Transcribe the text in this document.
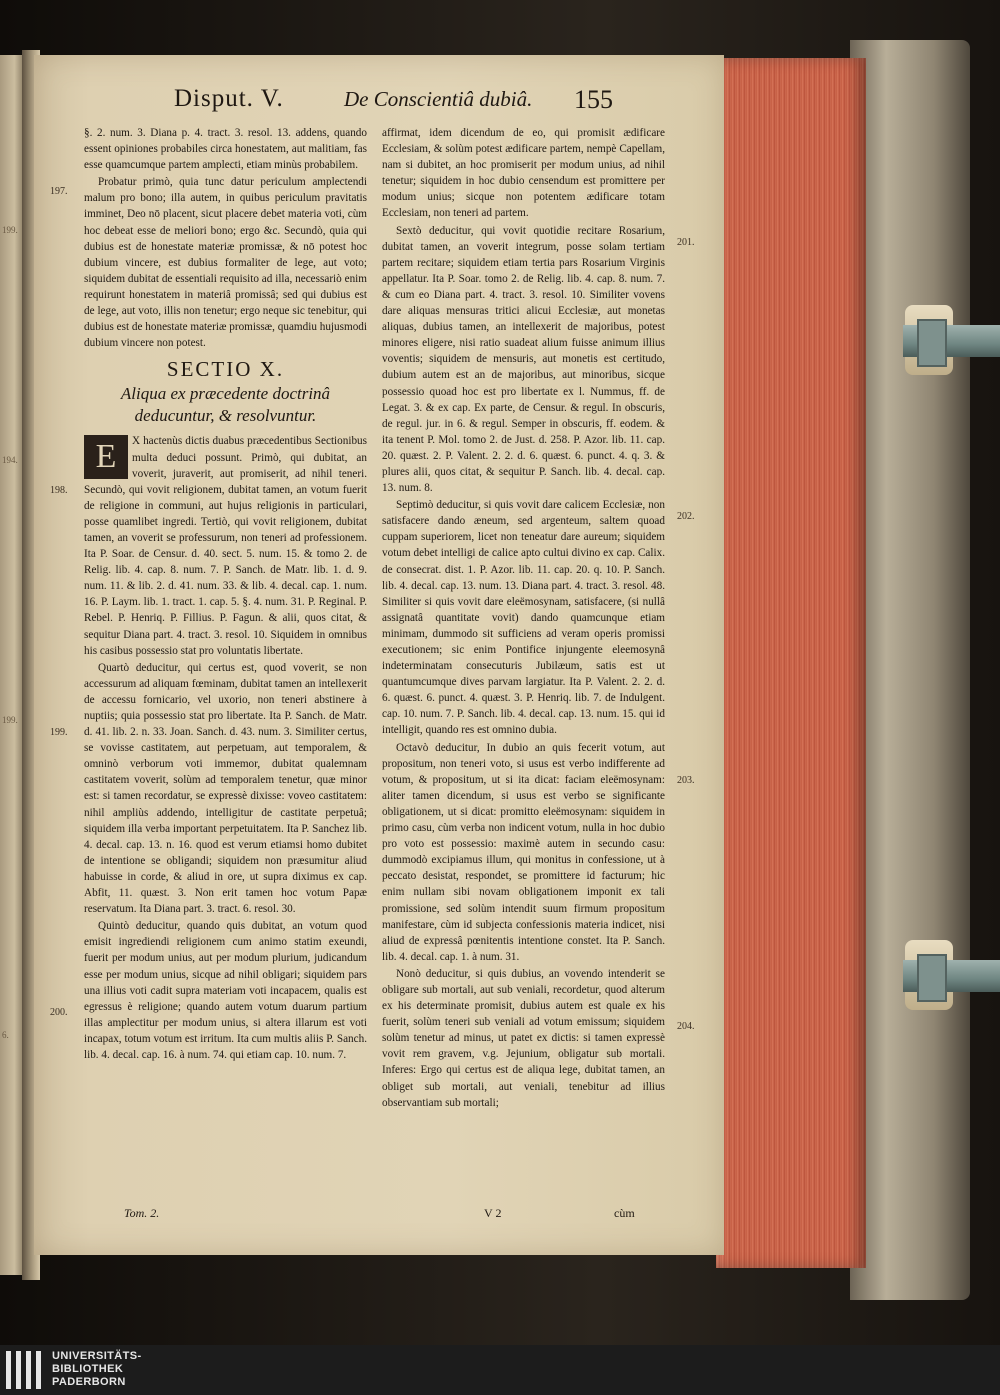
199.
194.
199.
6.
Disput. V.	De Conscientiâ dubiâ. 155
197.
198.
199.
200.
201.
202.
203.
204.

§. 2. num. 3. Diana p. 4. tract. 3. resol. 13. addens, quando essent opiniones probabiles circa honestatem, aut malitiam, fas esse quamcumque partem amplecti, etiam minùs probabilem.

Probatur primò, quia tunc datur periculum amplectendi malum pro bono; illa autem, in quibus periculum pravitatis imminet, Deo nō placent, sicut placere debet materia voti, cùm hoc debeat esse de meliori bono; ergo &c. Secundò, quia qui dubius est de honestate materiæ promissæ, & nō potest hoc dubium vincere, est dubius formaliter de lege, aut voto; siquidem dubitat de essentiali requisito ad illa, necessariò enim requirunt honestatem in materiâ promissâ; sed qui dubius est de lege, aut voto, illis non tenetur; ergo neque sic tenebitur, qui dubius est de honestate materiæ promissæ, quamdiu hujusmodi dubium vincere non potest.

SECTIO X.
Aliqua ex præcedente doctrinâ deducuntur, & resolvuntur.

E	X hactenùs dictis duabus præcedentibus Sectionibus multa deduci possunt. Primò, qui dubitat, an voverit, juraverit, aut promiserit, ad nihil teneri. Secundò, qui vovit religionem, dubitat tamen, an votum fuerit de religione in communi, aut hujus religionis in particulari, posse quamlibet ingredi. Tertiò, qui vovit religionem, dubitat tamen, an voverit se professurum, non teneri ad professionem. Ita P. Soar. de Censur. d. 40. sect. 5. num. 15. & tomo 2. de Relig. lib. 4. cap. 8. num. 7. P. Sanch. de Matr. lib. 1. d. 9. num. 11. & lib. 2. d. 41. num. 33. & lib. 4. decal. cap. 1. num. 16. P. Laym. lib. 1. tract. 1. cap. 5. §. 4. num. 31. P. Reginal. P. Rebel. P. Henriq. P. Fillius. P. Fagun. & alii, quos citat, & sequitur Diana part. 4. tract. 3. resol. 10. Siquidem in omnibus his casibus possessio stat pro voluntatis libertate.

Quartò deducitur, qui certus est, quod voverit, se non accessurum ad aliquam fœminam, dubitat tamen an intellexerit de accessu fornicario, vel uxorio, non teneri abstinere à nuptiis; quia possessio stat pro libertate. Ita P. Sanch. de Matr. d. 41. lib. 2. n. 33. Joan. Sanch. d. 43. num. 3. Similiter certus, se vovisse castitatem, aut perpetuam, aut temporalem, & omninò verborum voti immemor, dubitat qualemnam castitatem voverit, solùm ad temporalem tenetur, quæ minor est: si tamen recordatur, se expressè dixisse: voveo castitatem: nihil ampliùs addendo, intelligitur de castitate perpetuâ; siquidem illa verba important perpetuitatem. Ita P. Sanchez lib. 4. decal. cap. 13. n. 16. quod est verum etiamsi homo dubitet de intentione se obligandi; siquidem non præsumitur aliud habuisse in corde, & aliud in ore, ut supra diximus ex cap. Abfit, 11. quæst. 3. Non erit tamen hoc votum Papæ reservatum. Ita Diana part. 3. tract. 6. resol. 30.

Quintò deducitur, quando quis dubitat, an votum quod emisit ingrediendi religionem cum animo statim exeundi, fuerit per modum unius, aut per modum plurium, judicandum esse per modum unius, sicque ad nihil obligari; siquidem pars una illius voti cadit supra materiam voti incapacem, qualis est egressus è religione; quando autem votum duarum partium illas amplectitur per modum unius, si altera illarum est voti incapax, totum votum est irritum. Ita cum multis aliis P. Sanch. lib. 4. decal. cap. 16. à num. 74. qui etiam cap. 10. num. 7.

affirmat, idem dicendum de eo, qui promisit ædificare Ecclesiam, & solùm potest ædificare partem, nempè Capellam, nam si dubitet, an hoc promiserit per modum unius, ad nihil tenetur; siquidem in hoc dubio censendum est promittere per modum unius; sicque non potentem ædificare totam Ecclesiam, non teneri ad partem.

Sextò deducitur, qui vovit quotidie recitare Rosarium, dubitat tamen, an voverit integrum, posse solam tertiam partem recitare; siquidem etiam tertia pars Rosarium Virginis appellatur. Ita P. Soar. tomo 2. de Relig. lib. 4. cap. 8. num. 7. & cum eo Diana part. 4. tract. 3. resol. 10. Similiter vovens dare aliquas mensuras tritici alicui Ecclesiæ, aut monetas aliquas, dubius tamen, an intellexerit de majoribus, potest minores eligere, nisi ratio suadeat alium fuisse animum illius voventis; siquidem de mensuris, aut monetis est certitudo, dubium autem est an de majoribus, aut minoribus, sicque possessio quoad hoc est pro libertate ex l. Nummus, ff. de Legat. 3. & ex cap. Ex parte, de Censur. & regul. In obscuris, de regul. jur. in 6. & regul. Semper in obscuris, ff. eodem. & ita tenent P. Mol. tomo 2. de Just. d. 258. P. Azor. lib. 11. cap. 20. quæst. 2. P. Valent. 2. 2. d. 6. quæst. 6. punct. 4. q. 3. & plures alii, quos citat, & sequitur P. Sanch. lib. 4. decal. cap. 13. num. 8.

Septimò deducitur, si quis vovit dare calicem Ecclesiæ, non satisfacere dando æneum, sed argenteum, saltem quoad cuppam superiorem, licet non teneatur dare aureum; siquidem votum debet intelligi de calice apto cultui divino ex cap. Calix. de consecrat. dist. 1. P. Azor. lib. 11. cap. 20. q. 10. P. Sanch. lib. 4. decal. cap. 13. num. 13. Diana part. 4. tract. 3. resol. 48. Similiter si quis vovit dare eleëmosynam, satisfacere, (si nullâ assignatâ quantitate vovit) dando quamcunque etiam minimam, dummodo sit sufficiens ad veram operis promissi executionem; sic enim Pontifice injungente eleemosynâ indeterminatam consecuturis Jubilæum, satis est ut quantumcumque dives parvam largiatur. Ita P. Valent. 2. 2. d. 6. quæst. 6. punct. 4. quæst. 3. P. Henriq. lib. 7. de Indulgent. cap. 10. num. 7. P. Sanch. lib. 4. decal. cap. 13. num. 15. qui id intelligit, quando res est omnino dubia.

Octavò deducitur, In dubio an quis fecerit votum, aut propositum, non teneri voto, si usus est verbo indifferente ad votum, & propositum, ut si ita dicat: faciam eleëmosynam: aliter tamen dicendum, si usus est verbo se significante obligationem, ut si dicat: promitto eleëmosynam: siquidem in primo casu, cùm verba non indicent votum, nulla in hoc dubio pro voto est possessio: maximè autem in secundo casu: dummodò excipiamus illum, qui monitus in confessione, ut à peccato desistat, respondet, se promittere id facturum; hic enim nullam sibi novam obligationem imponit ex tali promissione, sed solùm intendit suum firmum propositum manifestare, cùm id subjecta confessionis materia indicet, nisi aliud de expressâ pœnitentis intentione constet. Ita P. Sanch. lib. 4. decal. cap. 1. à num. 31.

Nonò deducitur, si quis dubius, an vovendo intenderit se obligare sub mortali, aut sub veniali, recordetur, quod alterum ex his determinate promisit, dubius autem est quale ex his fuerit, solùm teneri sub veniali ad votum emissum; siquidem solùm tenetur ad minus, ut patet ex dictis: si tamen expressè vovit rem gravem, v.g. Jejunium, obligatur sub mortali. Inferes: Ergo qui certus est de aliqua lege, dubitat tamen, an obliget sub mortali, aut veniali, tenebitur ad illius observantiam sub mortali;

Tom. 2.	V 2	cùm
UNIVERSITÄTS-
BIBLIOTHEK
PADERBORN
